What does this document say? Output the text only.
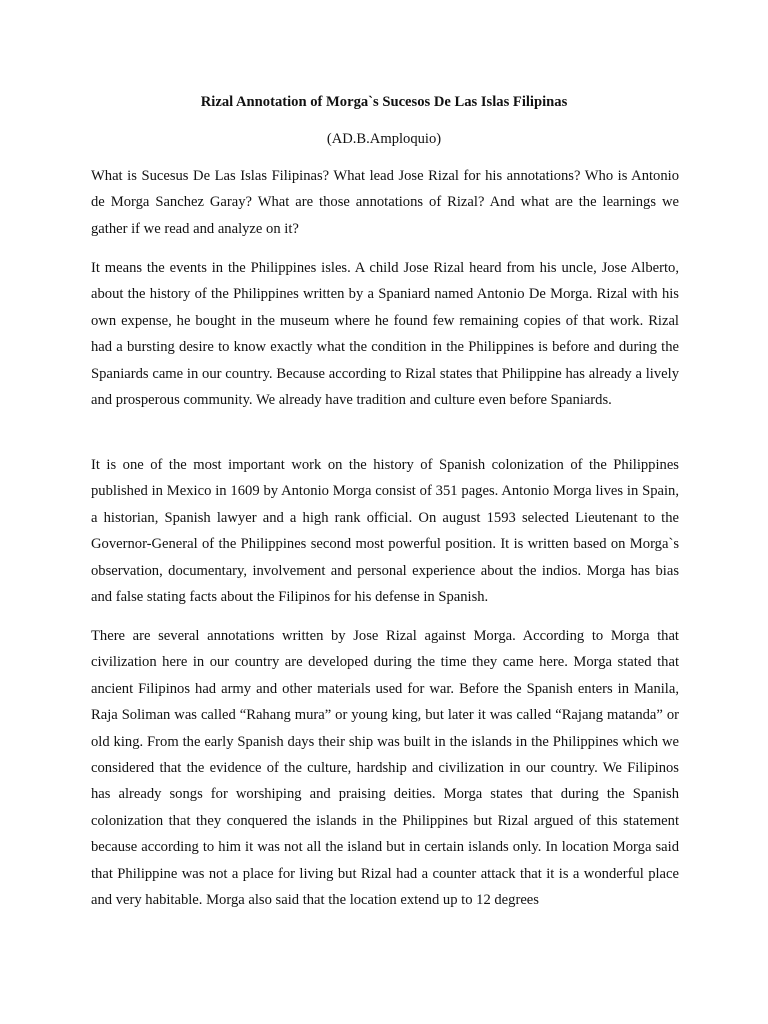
Rizal Annotation of Morga`s Sucesos De Las Islas Filipinas
(AD.B.Amploquio)

What is Sucesus De Las Islas Filipinas? What lead Jose Rizal for his annotations? Who is Antonio de Morga Sanchez Garay? What are those annotations of Rizal? And what are the learnings we gather if we read and analyze on it?

It means the events in the Philippines isles. A child Jose Rizal heard from his uncle, Jose Alberto, about the history of the Philippines written by a Spaniard named Antonio De Morga. Rizal with his own expense, he bought in the museum where he found few remaining copies of that work. Rizal had a bursting desire to know exactly what the condition in the Philippines is before and during the Spaniards came in our country. Because according to Rizal states that Philippine has already a lively and prosperous community. We already have tradition and culture even before Spaniards.

It is one of the most important work on the history of Spanish colonization of the Philippines published in Mexico in 1609 by Antonio Morga consist of 351 pages. Antonio Morga lives in Spain, a historian, Spanish lawyer and a high rank official. On august 1593 selected Lieutenant to the Governor-General of the Philippines second most powerful position. It is written based on Morga`s observation, documentary, involvement and personal experience about the indios. Morga has bias and false stating facts about the Filipinos for his defense in Spanish.

There are several annotations written by Jose Rizal against Morga. According to Morga that civilization here in our country are developed during the time they came here. Morga stated that ancient Filipinos had army and other materials used for war. Before the Spanish enters in Manila, Raja Soliman was called “Rahang mura” or young king, but later it was called “Rajang matanda” or old king. From the early Spanish days their ship was built in the islands in the Philippines which we considered that the evidence of the culture, hardship and civilization in our country. We Filipinos has already songs for worshiping and praising deities. Morga states that during the Spanish colonization that they conquered the islands in the Philippines but Rizal argued of this statement because according to him it was not all the island but in certain islands only. In location Morga said that Philippine was not a place for living but Rizal had a counter attack that it is a wonderful place and very habitable. Morga also said that the location extend up to 12 degrees
